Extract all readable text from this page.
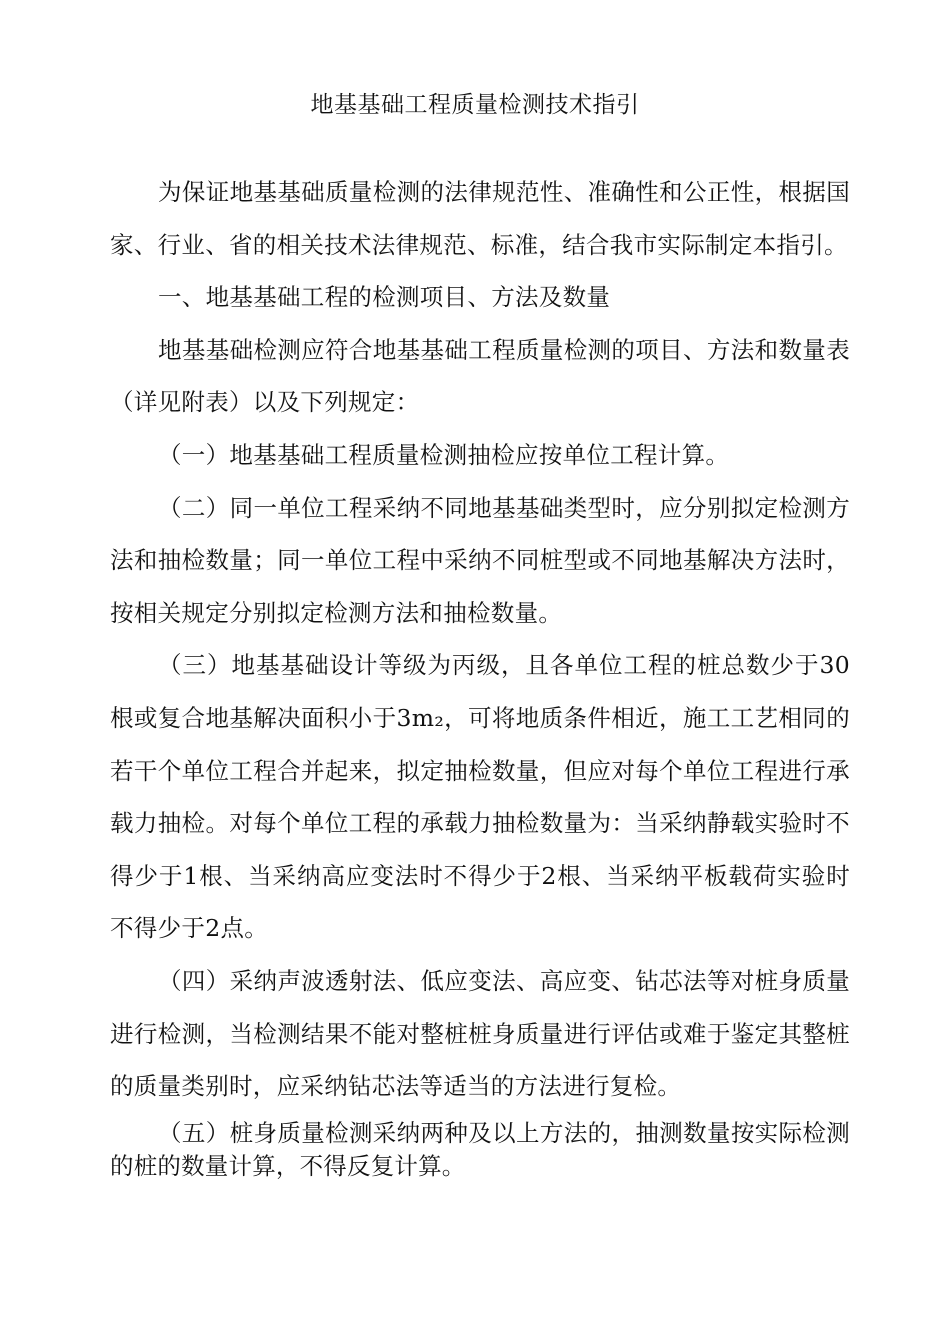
地基基础工程质量检测技术指引

为保证地基基础质量检测的法律规范性、准确性和公正性，根据国家、行业、省的相关技术法律规范、标准，结合我市实际制定本指引。

一、地基基础工程的检测项目、方法及数量

地基基础检测应符合地基基础工程质量检测的项目、方法和数量表（详见附表）以及下列规定：

（一）地基基础工程质量检测抽检应按单位工程计算。

（二）同一单位工程采纳不同地基基础类型时，应分别拟定检测方法和抽检数量；同一单位工程中采纳不同桩型或不同地基解决方法时，按相关规定分别拟定检测方法和抽检数量。

（三）地基基础设计等级为丙级，且各单位工程的桩总数少于30根或复合地基解决面积小于3m₂，可将地质条件相近，施工工艺相同的若干个单位工程合并起来，拟定抽检数量，但应对每个单位工程进行承载力抽检。对每个单位工程的承载力抽检数量为：当采纳静载实验时不得少于1根、当采纳高应变法时不得少于2根、当采纳平板载荷实验时不得少于2点。

（四）采纳声波透射法、低应变法、高应变、钻芯法等对桩身质量进行检测，当检测结果不能对整桩桩身质量进行评估或难于鉴定其整桩的质量类别时，应采纳钻芯法等适当的方法进行复检。

（五）桩身质量检测采纳两种及以上方法的，抽测数量按实际检测的桩的数量计算，不得反复计算。
